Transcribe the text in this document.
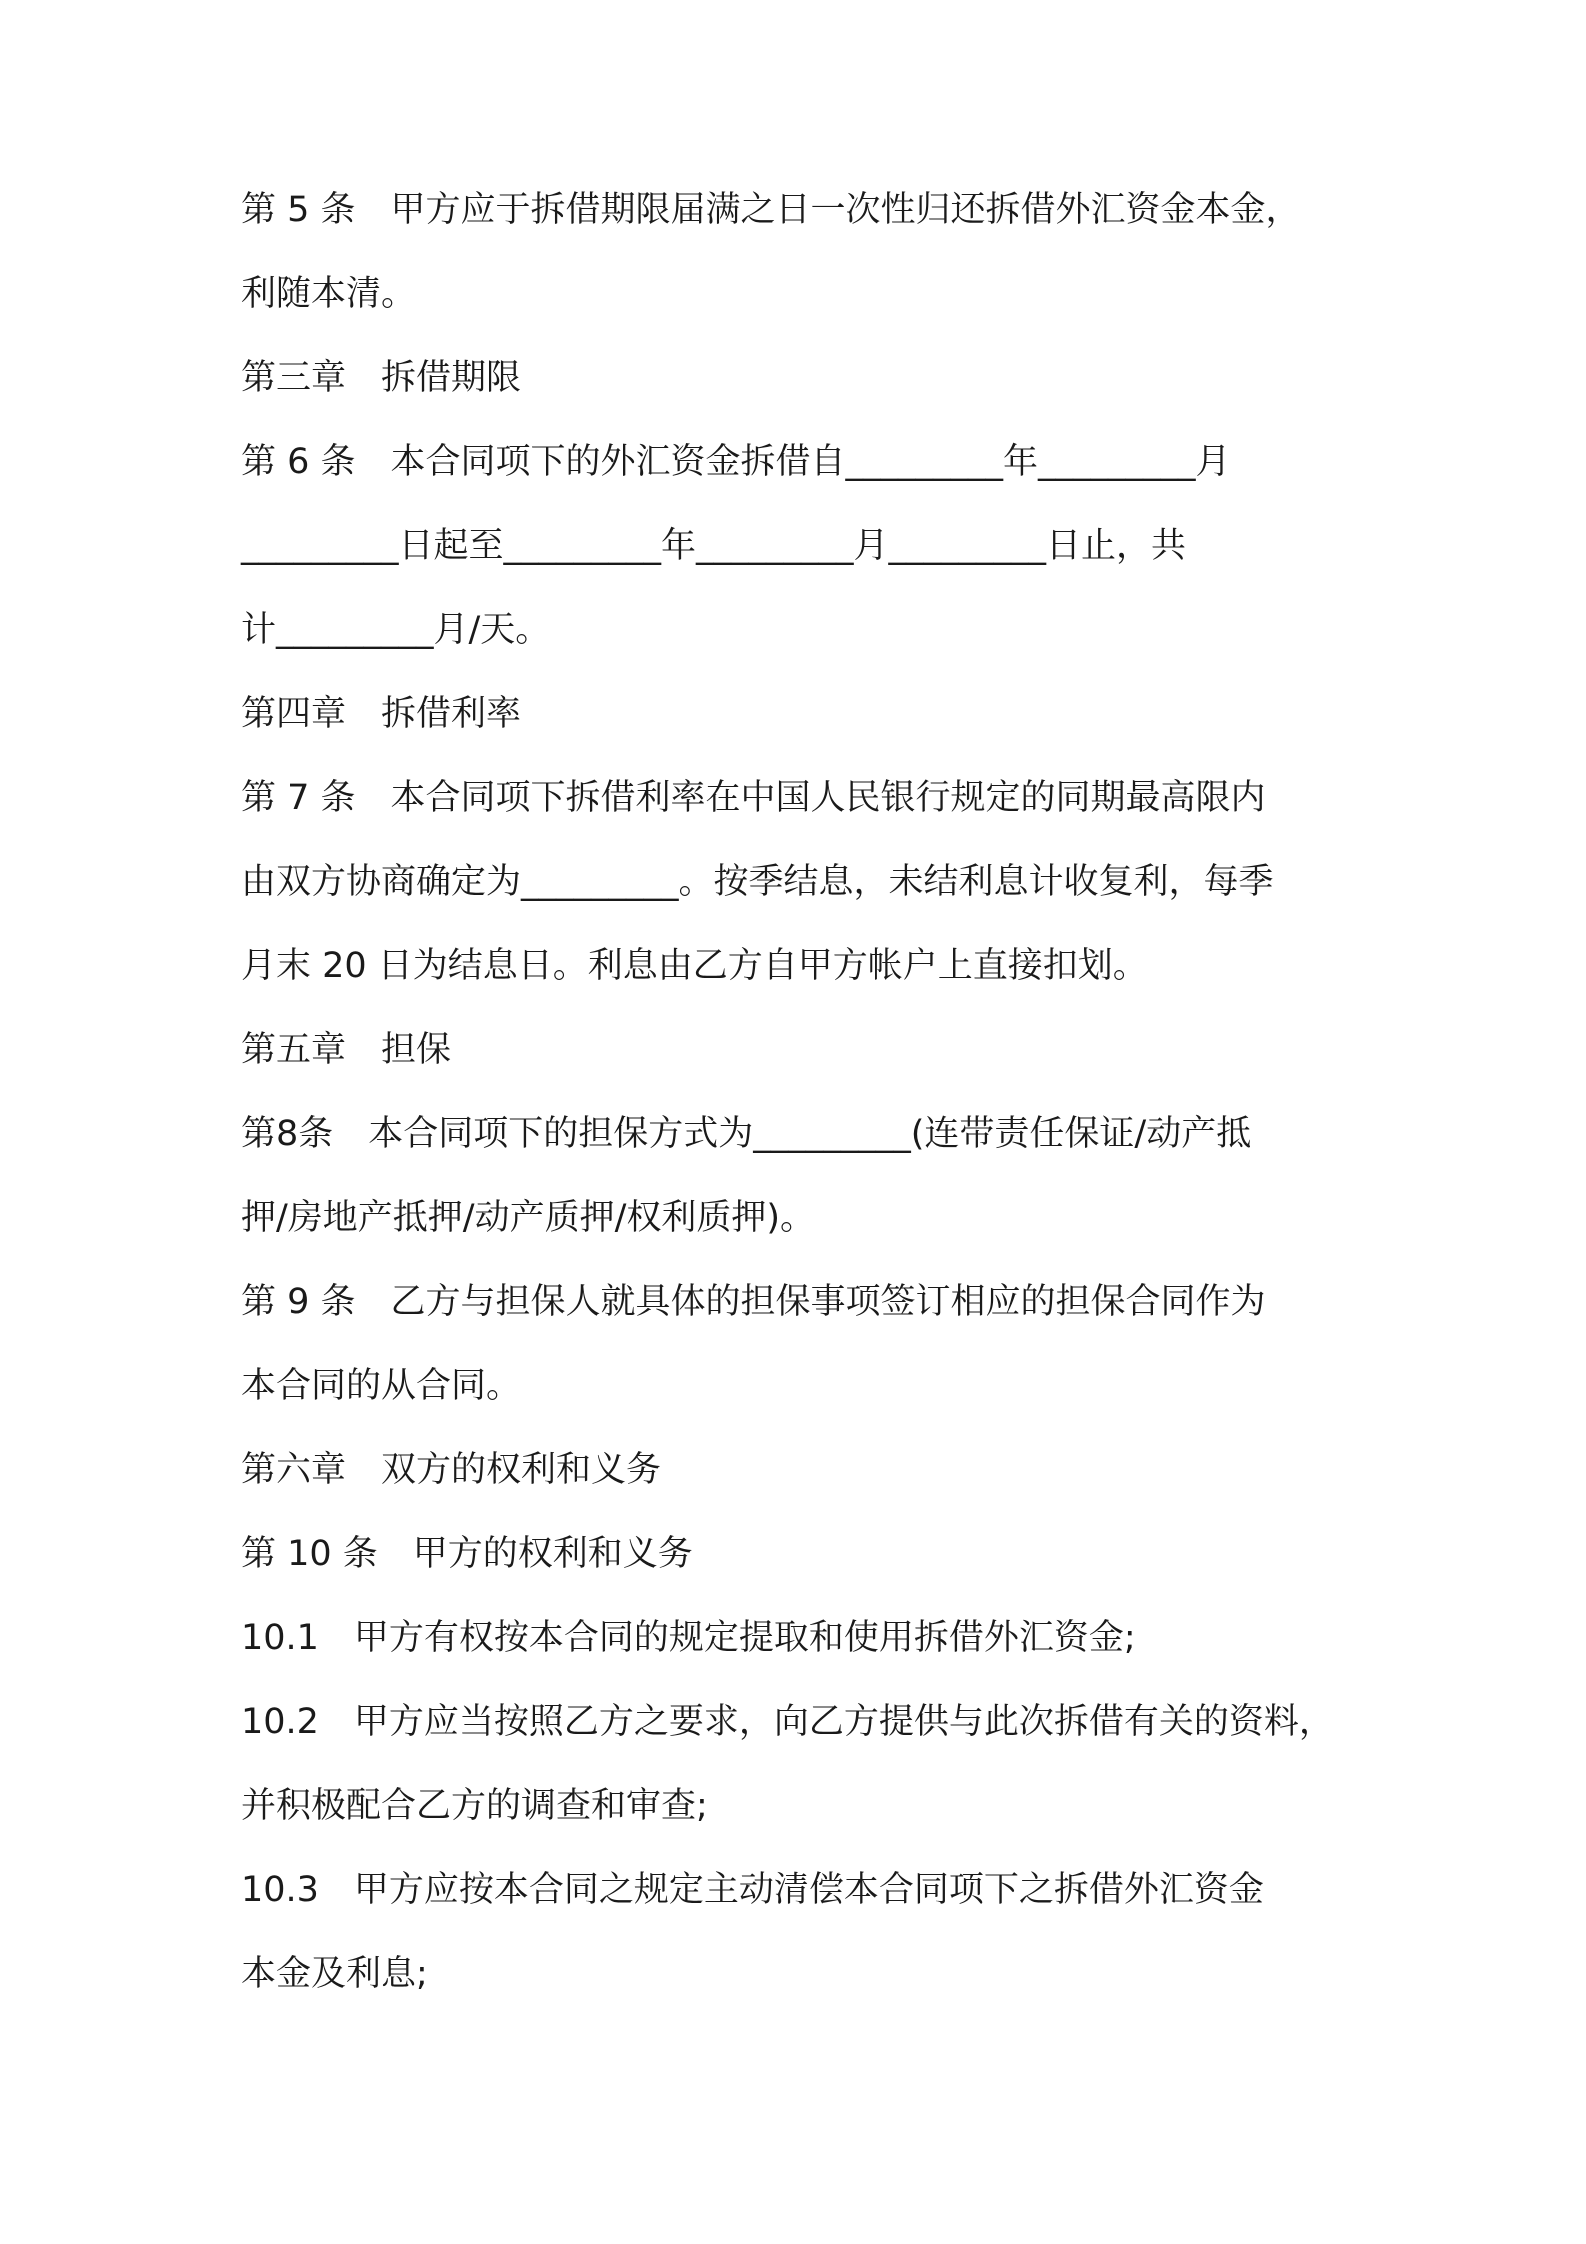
第 5 条　甲方应于拆借期限届满之日一次性归还拆借外汇资金本金，
利随本清。
第三章　拆借期限
第 6 条　本合同项下的外汇资金拆借自_________年_________月
_________日起至_________年_________月_________日止，共
计_________月/天。
第四章　拆借利率
第 7 条　本合同项下拆借利率在中国人民银行规定的同期最高限内
由双方协商确定为_________。按季结息，未结利息计收复利，每季
月末 20 日为结息日。利息由乙方自甲方帐户上直接扣划。
第五章　担保
第8条　本合同项下的担保方式为_________(连带责任保证/动产抵
押/房地产抵押/动产质押/权利质押)。
第 9 条　乙方与担保人就具体的担保事项签订相应的担保合同作为
本合同的从合同。
第六章　双方的权利和义务
第 10 条　甲方的权利和义务
10.1　甲方有权按本合同的规定提取和使用拆借外汇资金;
10.2　甲方应当按照乙方之要求，向乙方提供与此次拆借有关的资料，
并积极配合乙方的调查和审查;
10.3　甲方应按本合同之规定主动清偿本合同项下之拆借外汇资金
本金及利息;
